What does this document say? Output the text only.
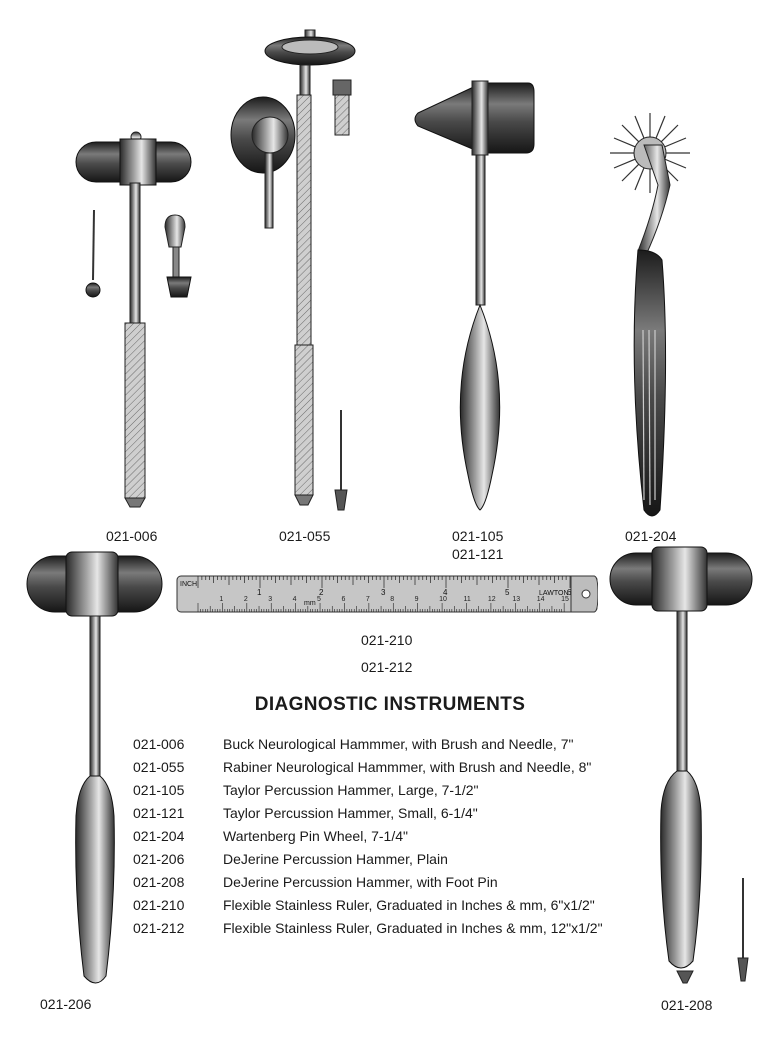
021-006	021-055	021-105
021-121
021-204
021-206	021-208
1	2	3	4	5	6
1	2	3	4	5	6	7	8	9	10 11 12 13 14 15
INCH
mm
LAWTON
021-210
021-212
DIAGNOSTIC INSTRUMENTS
021-006	Buck Neurological Hammmer, with Brush and Needle, 7"
021-055	Rabiner Neurological Hammmer, with Brush and Needle, 8"
021-105	Taylor Percussion Hammer, Large, 7-1/2"
021-121	Taylor Percussion Hammer, Small, 6-1/4"
021-204	Wartenberg Pin Wheel, 7-1/4"
021-206	DeJerine Percussion Hammer, Plain
021-208	DeJerine Percussion Hammer, with Foot Pin
021-210	Flexible Stainless Ruler, Graduated in Inches & mm, 6"x1/2"
021-212	Flexible Stainless Ruler, Graduated in Inches & mm, 12"x1/2"
